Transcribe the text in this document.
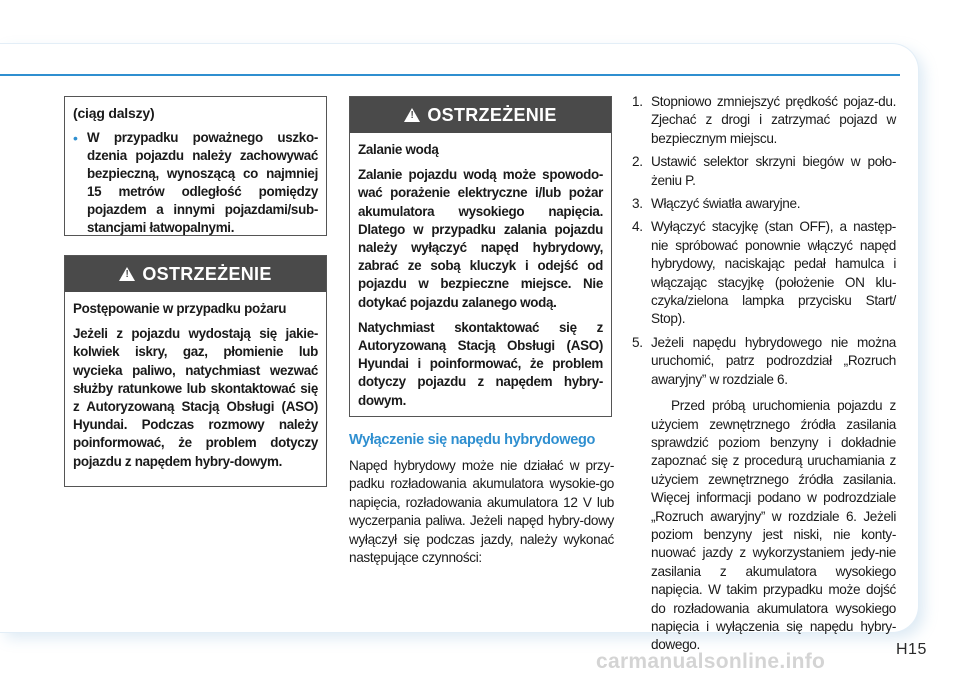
(ciąg dalszy)
• W przypadku poważnego uszko-dzenia pojazdu należy zachowywać bezpieczną, wynoszącą co najmniej 15 metrów odległość pomiędzy pojazdem a innymi pojazdami/sub-stancjami łatwopalnymi.
! OSTRZEŻENIE

Postępowanie w przypadku pożaru

Jeżeli z pojazdu wydostają się jakie-kolwiek iskry, gaz, płomienie lub wycieka paliwo, natychmiast wezwać służby ratunkowe lub skontaktować się z Autoryzowaną Stacją Obsługi (ASO) Hyundai. Podczas rozmowy należy poinformować, że problem dotyczy pojazdu z napędem hybry-dowym.

! OSTRZEŻENIE

Zalanie wodą

Zalanie pojazdu wodą może spowodo-wać porażenie elektryczne i/lub pożar akumulatora wysokiego napięcia. Dlatego w przypadku zalania pojazdu należy wyłączyć napęd hybrydowy, zabrać ze sobą kluczyk i odejść od pojazdu w bezpieczne miejsce. Nie dotykać pojazdu zalanego wodą.

Natychmiast skontaktować się z Autoryzowaną Stacją Obsługi (ASO) Hyundai i poinformować, że problem dotyczy pojazdu z napędem hybry-dowym.

Wyłączenie się napędu hybrydowego
Napęd hybrydowy może nie działać w przy-padku rozładowania akumulatora wysokie-go napięcia, rozładowania akumulatora 12 V lub wyczerpania paliwa. Jeżeli napęd hybry-dowy wyłączył się podczas jazdy, należy wykonać następujące czynności:
1. Stopniowo zmniejszyć prędkość pojaz-du. Zjechać z drogi i zatrzymać pojazd w bezpiecznym miejscu.
2. Ustawić selektor skrzyni biegów w poło-żeniu P.
3. Włączyć światła awaryjne.
4. Wyłączyć stacyjkę (stan OFF), a następ-nie spróbować ponownie włączyć napęd hybrydowy, naciskając pedał hamulca i włączając stacyjkę (położenie ON klu-czyka/zielona lampka przycisku Start/ Stop).
5. Jeżeli napędu hybrydowego nie można uruchomić, patrz podrozdział „Rozruch awaryjny” w rozdziale 6.

Przed próbą uruchomienia pojazdu z użyciem zewnętrznego źródła zasilania sprawdzić poziom benzyny i dokładnie zapoznać się z procedurą uruchamiania z użyciem zewnętrznego źródła zasilania. Więcej informacji podano w podrozdziale „Rozruch awaryjny” w rozdziale 6. Jeżeli poziom benzyny jest niski, nie konty-nuować jazdy z wykorzystaniem jedy-nie zasilania z akumulatora wysokiego napięcia. W takim przypadku może dojść do rozładowania akumulatora wysokiego napięcia i wyłączenia się napędu hybry-dowego.	H15
carmanualsonline.info
